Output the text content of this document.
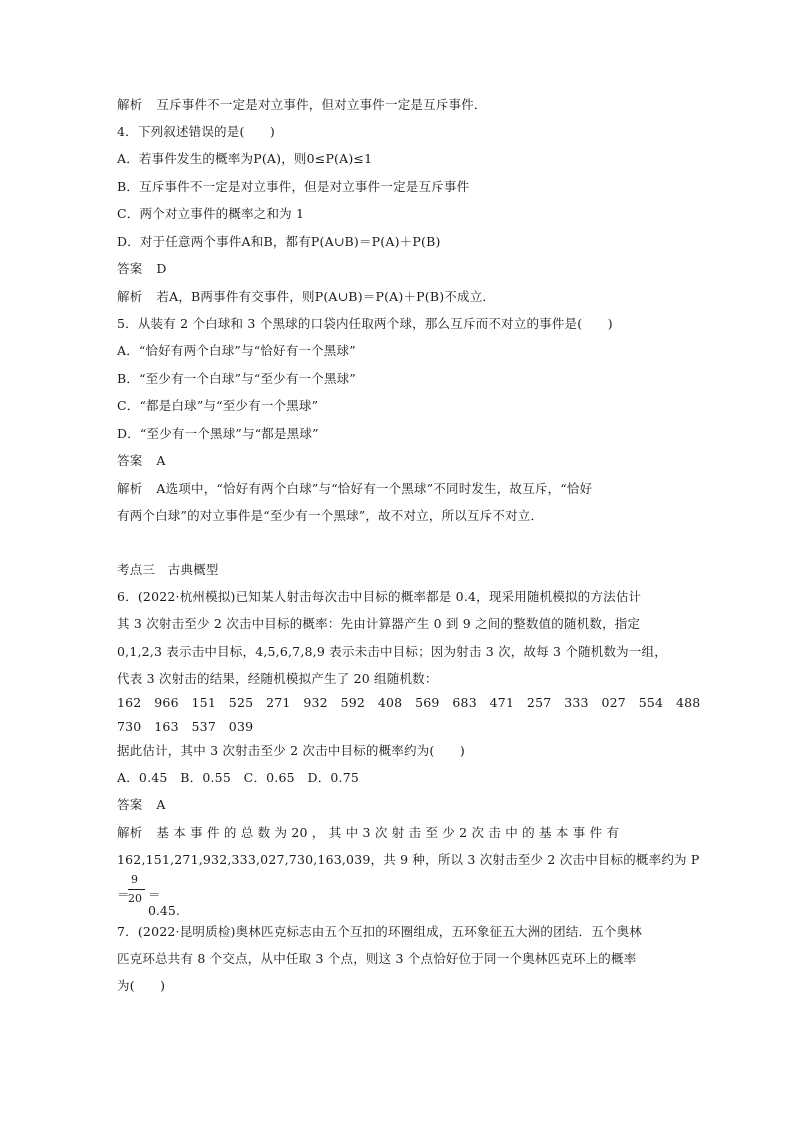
解析 互斥事件不一定是对立事件，但对立事件一定是互斥事件．
4．下列叙述错误的是(　　)
A．若事件发生的概率为P(A)，则0≤P(A)≤1
B．互斥事件不一定是对立事件，但是对立事件一定是互斥事件
C．两个对立事件的概率之和为 1
D．对于任意两个事件A和B，都有P(A∪B)＝P(A)＋P(B)
答案 D
解析 若A，B两事件有交事件，则P(A∪B)＝P(A)＋P(B)不成立．
5．从装有 2 个白球和 3 个黑球的口袋内任取两个球，那么互斥而不对立的事件是(　　)
A．“恰好有两个白球”与“恰好有一个黑球”
B．“至少有一个白球”与“至少有一个黑球”
C．“都是白球”与“至少有一个黑球”
D．“至少有一个黑球”与“都是黑球”
答案 A
解析 A选项中，“恰好有两个白球”与“恰好有一个黑球”不同时发生，故互斥，“恰好
有两个白球”的对立事件是“至少有一个黑球”，故不对立，所以互斥不对立．
考点三　古典概型
6．(2022·杭州模拟)已知某人射击每次击中目标的概率都是 0.4，现采用随机模拟的方法估计
其 3 次射击至少 2 次击中目标的概率：先由计算器产生 0 到 9 之间的整数值的随机数，指定
0,1,2,3 表示击中目标，4,5,6,7,8,9 表示未击中目标；因为射击 3 次，故每 3 个随机数为一组，
代表 3 次射击的结果，经随机模拟产生了 20 组随机数：
162 966 151 525 271 932 592 408 569 683 471 257 333 027 554 488
730 163 537 039
据此估计，其中 3 次射击至少 2 次击中目标的概率约为(　　)
A．0.45　B．0.55　C．0.65　D．0.75
答案 A
解析 基 本 事 件 的 总 数 为 20 ， 其 中 3 次 射 击 至 少 2 次 击 中 的 基 本 事 件 有
162,151,271,932,333,027,730,163,039，共 9 种，所以 3 次射击至少 2 次击中目标的概率约为 P
＝
9
20 ＝0.45.
7．(2022·昆明质检)奥林匹克标志由五个互扣的环圈组成，五环象征五大洲的团结．五个奥林
匹克环总共有 8 个交点，从中任取 3 个点，则这 3 个点恰好位于同一个奥林匹克环上的概率
为(　　)
